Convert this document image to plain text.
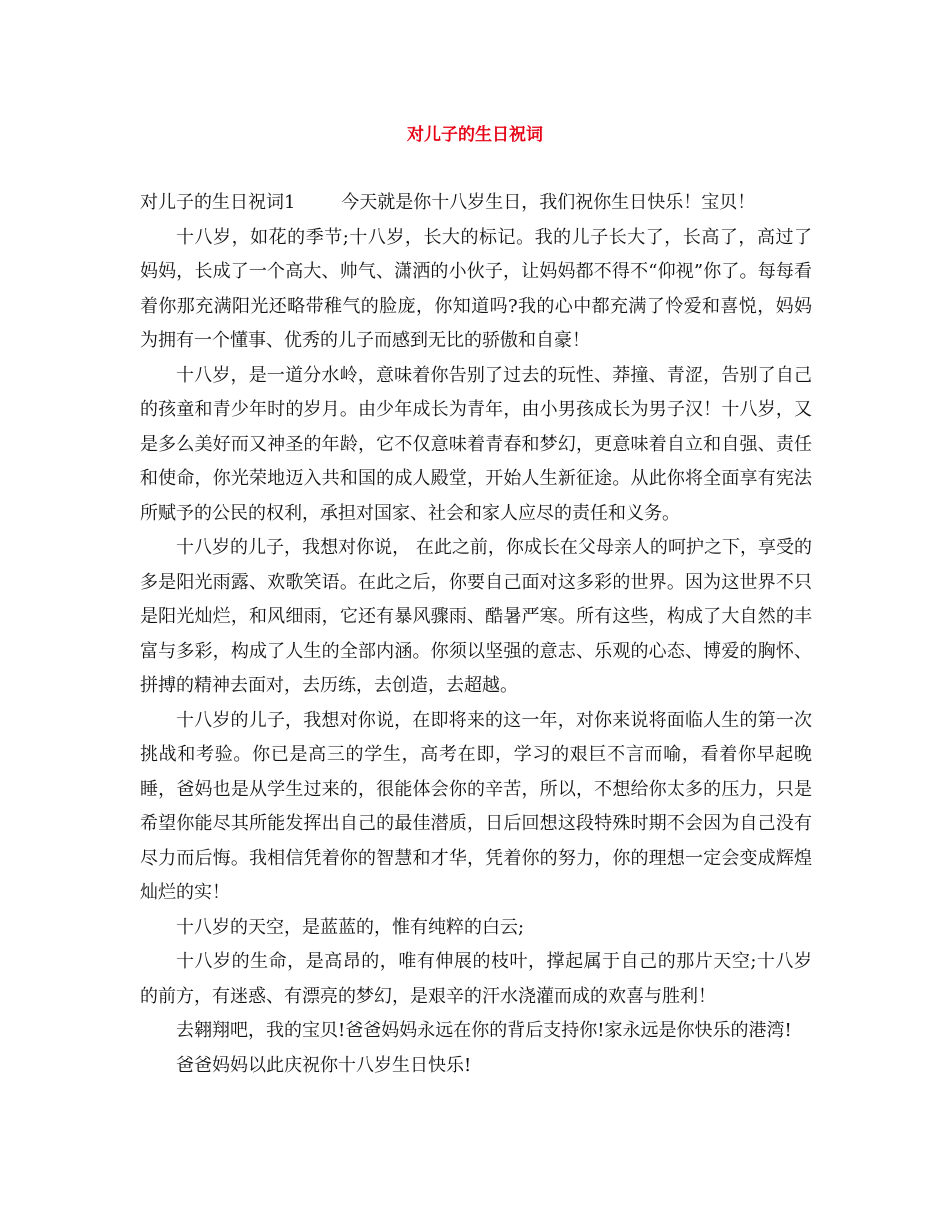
对儿子的生日祝词

对儿子的生日祝词1	今天就是你十八岁生日，我们祝你生日快乐！宝贝！

十八岁，如花的季节;十八岁，长大的标记。我的儿子长大了，长高了，高过了妈妈，长成了一个高大、帅气、潇洒的小伙子，让妈妈都不得不“仰视”你了。每每看着你那充满阳光还略带稚气的脸庞，你知道吗?我的心中都充满了怜爱和喜悦，妈妈为拥有一个懂事、优秀的儿子而感到无比的骄傲和自豪！

十八岁，是一道分水岭，意味着你告别了过去的玩性、莽撞、青涩，告别了自己的孩童和青少年时的岁月。由少年成长为青年，由小男孩成长为男子汉！十八岁，又是多么美好而又神圣的年龄，它不仅意味着青春和梦幻，更意味着自立和自强、责任和使命，你光荣地迈入共和国的成人殿堂，开始人生新征途。从此你将全面享有宪法所赋予的公民的权利，承担对国家、社会和家人应尽的责任和义务。

十八岁的儿子，我想对你说， 在此之前，你成长在父母亲人的呵护之下，享受的多是阳光雨露、欢歌笑语。在此之后，你要自己面对这多彩的世界。因为这世界不只是阳光灿烂，和风细雨，它还有暴风骤雨、酷暑严寒。所有这些，构成了大自然的丰富与多彩，构成了人生的全部内涵。你须以坚强的意志、乐观的心态、博爱的胸怀、拼搏的精神去面对，去历练，去创造，去超越。

十八岁的儿子，我想对你说，在即将来的这一年，对你来说将面临人生的第一次挑战和考验。你已是高三的学生，高考在即，学习的艰巨不言而喻，看着你早起晚睡，爸妈也是从学生过来的，很能体会你的辛苦，所以，不想给你太多的压力，只是希望你能尽其所能发挥出自己的最佳潜质，日后回想这段特殊时期不会因为自己没有尽力而后悔。我相信凭着你的智慧和才华，凭着你的努力，你的理想一定会变成辉煌灿烂的实！

十八岁的天空，是蓝蓝的，惟有纯粹的白云;

十八岁的生命，是高昂的，唯有伸展的枝叶，撑起属于自己的那片天空;十八岁的前方，有迷惑、有漂亮的梦幻，是艰辛的汗水浇灌而成的欢喜与胜利！

去翱翔吧，我的宝贝!爸爸妈妈永远在你的背后支持你!家永远是你快乐的港湾!

爸爸妈妈以此庆祝你十八岁生日快乐!
